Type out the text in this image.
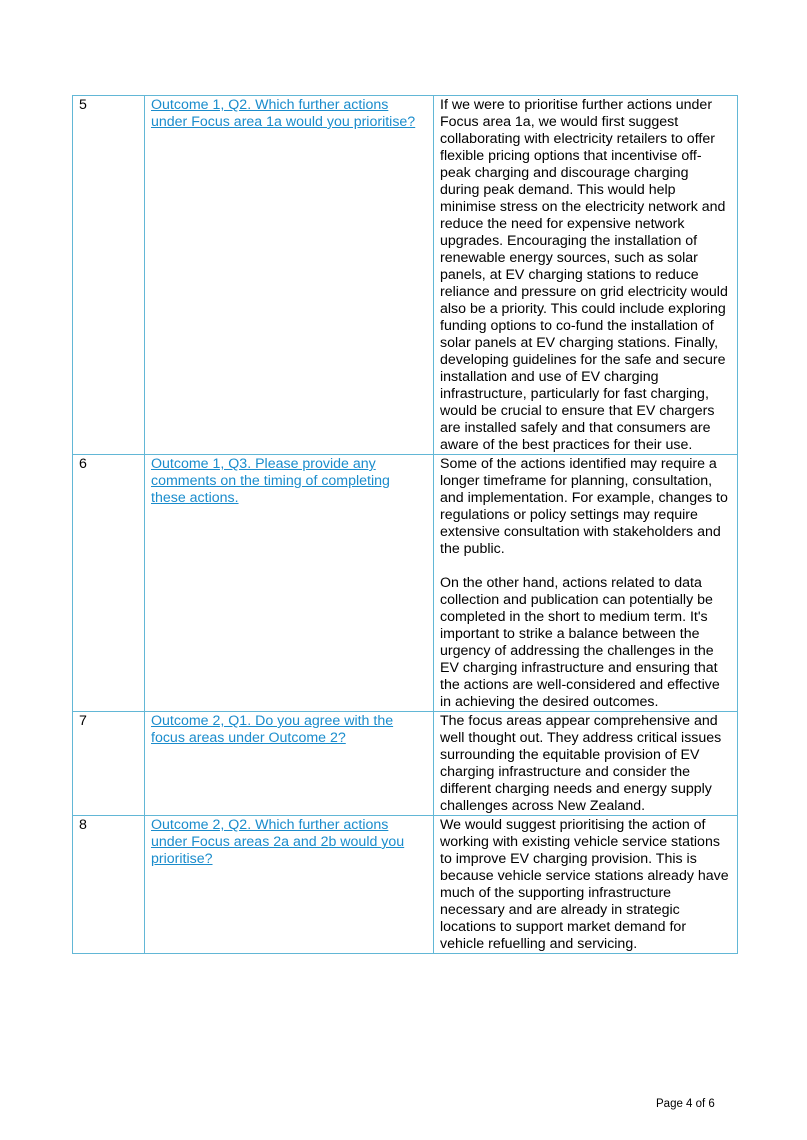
5	Outcome 1, Q2. Which further actions under Focus area 1a would you prioritise?	If we were to prioritise further actions under Focus area 1a, we would first suggest collaborating with electricity retailers to offer flexible pricing options that incentivise off-peak charging and discourage charging during peak demand. This would help minimise stress on the electricity network and reduce the need for expensive network upgrades. Encouraging the installation of renewable energy sources, such as solar panels, at EV charging stations to reduce reliance and pressure on grid electricity would also be a priority. This could include exploring funding options to co-fund the installation of solar panels at EV charging stations. Finally, developing guidelines for the safe and secure installation and use of EV charging infrastructure, particularly for fast charging, would be crucial to ensure that EV chargers are installed safely and that consumers are aware of the best practices for their use.

6	Outcome 1, Q3. Please provide any comments on the timing of completing these actions.	Some of the actions identified may require a longer timeframe for planning, consultation, and implementation. For example, changes to regulations or policy settings may require extensive consultation with stakeholders and the public.

On the other hand, actions related to data collection and publication can potentially be completed in the short to medium term. It's important to strike a balance between the urgency of addressing the challenges in the EV charging infrastructure and ensuring that the actions are well-considered and effective in achieving the desired outcomes.

7	Outcome 2, Q1. Do you agree with the focus areas under Outcome 2?	The focus areas appear comprehensive and well thought out. They address critical issues surrounding the equitable provision of EV charging infrastructure and consider the different charging needs and energy supply challenges across New Zealand.

8	Outcome 2, Q2. Which further actions under Focus areas 2a and 2b would you prioritise?	We would suggest prioritising the action of working with existing vehicle service stations to improve EV charging provision. This is because vehicle service stations already have much of the supporting infrastructure necessary and are already in strategic locations to support market demand for vehicle refuelling and servicing.

Page 4 of 6
